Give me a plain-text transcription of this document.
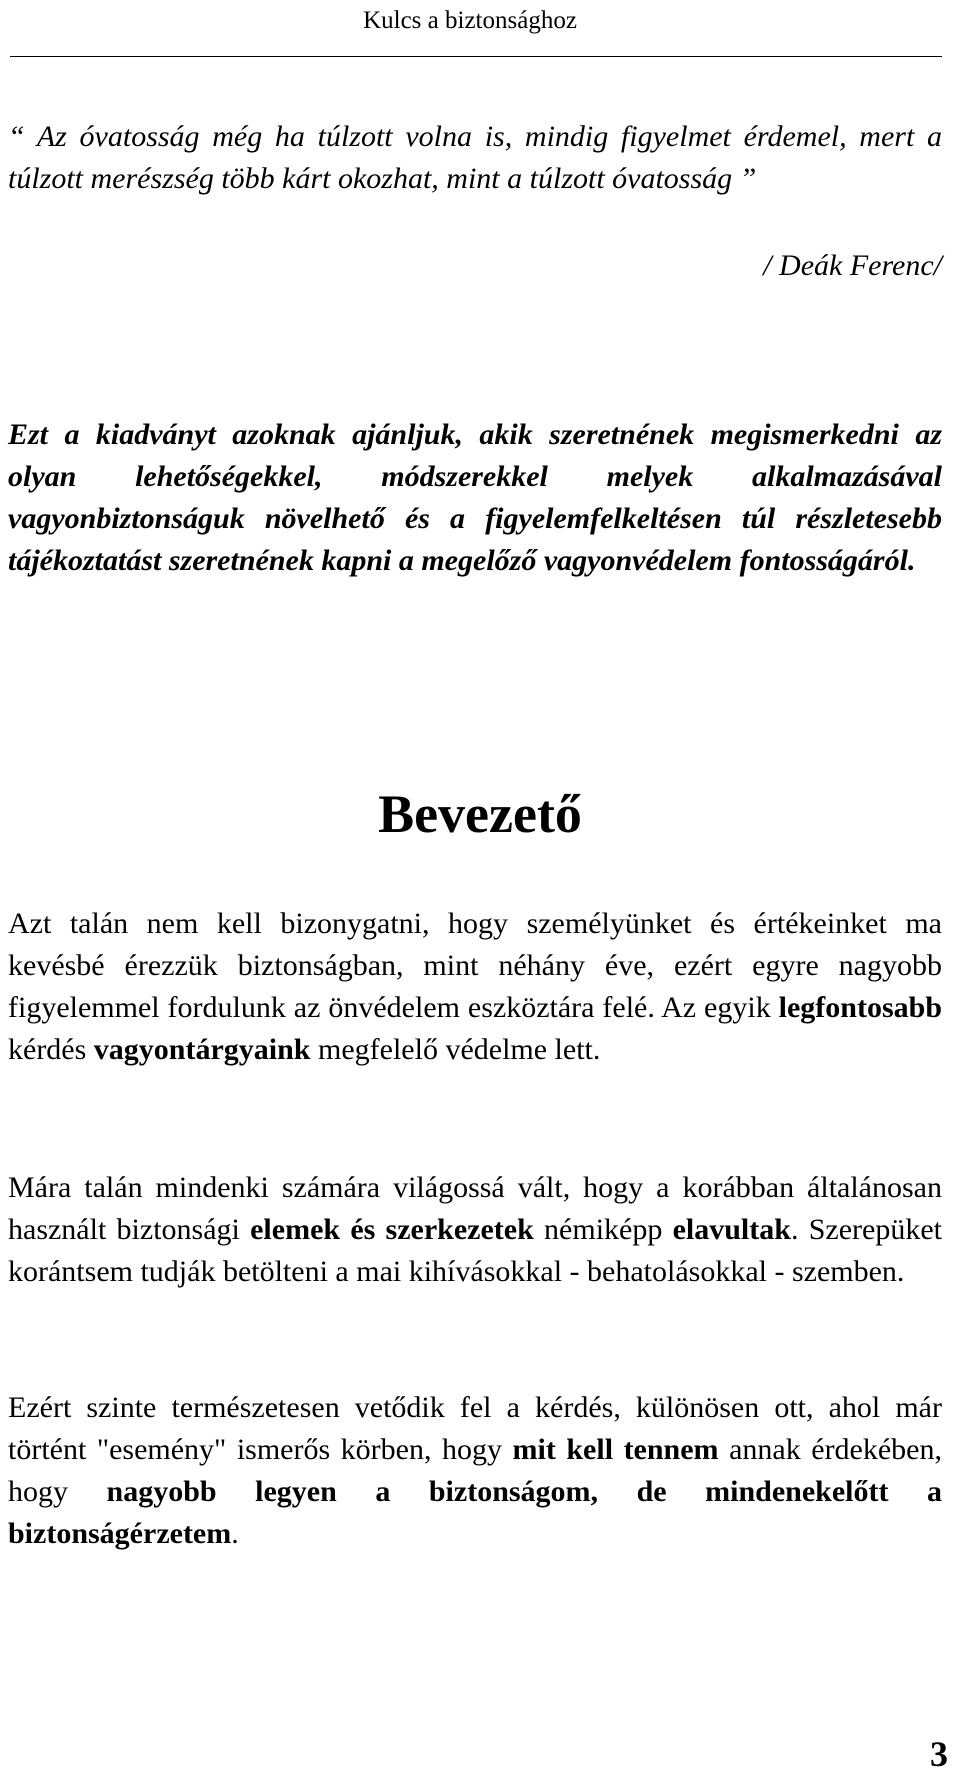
Kulcs a biztonsághoz
“ Az óvatosság még ha túlzott volna is, mindig figyelmet érdemel, mert a túlzott merészség több kárt okozhat, mint a túlzott óvatosság ”
/ Deák Ferenc/
Ezt a kiadványt azoknak ajánljuk, akik szeretnének megismerkedni az olyan lehetőségekkel, módszerekkel melyek alkalmazásával vagyonbiztonságuk növelhető és a figyelemfelkeltésen túl részletesebb tájékoztatást szeretnének kapni a megelőző vagyonvédelem fontosságáról.
Bevezető

Azt talán nem kell bizonygatni, hogy személyünket és értékeinket ma kevésbé érezzük biztonságban, mint néhány éve, ezért egyre nagyobb figyelemmel fordulunk az önvédelem eszköztára felé. Az egyik legfontosabb kérdés vagyontárgyaink megfelelő védelme lett.

Mára talán mindenki számára világossá vált, hogy a korábban általánosan használt biztonsági elemek és szerkezetek némiképp elavultak. Szerepüket korántsem tudják betölteni a mai kihívásokkal - behatolásokkal - szemben.

Ezért szinte természetesen vetődik fel a kérdés, különösen ott, ahol már történt "esemény" ismerős körben, hogy mit kell tennem annak érdekében, hogy nagyobb legyen a biztonságom, de mindenekelőtt a biztonságérzetem.

3
